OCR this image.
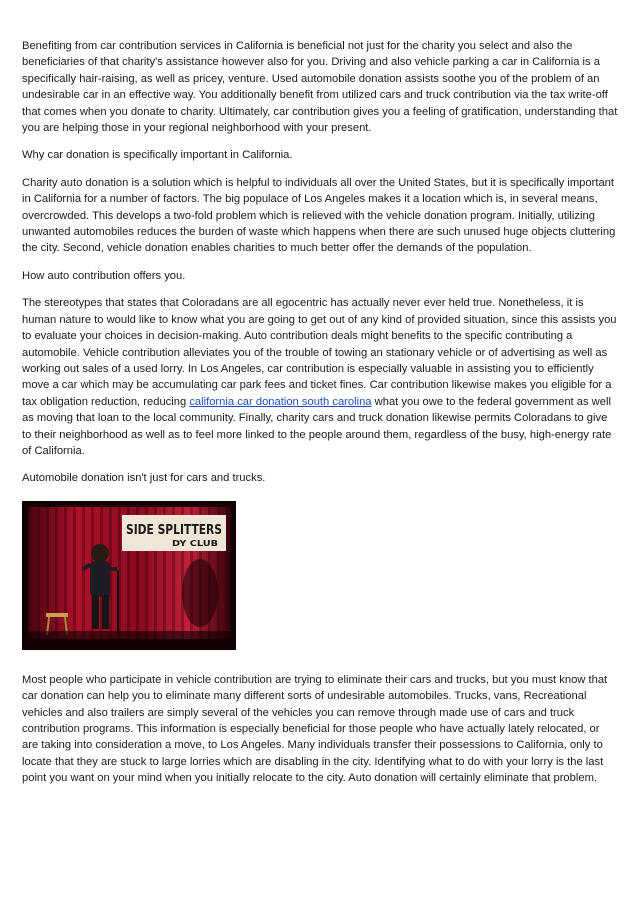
Benefiting from car contribution services in California is beneficial not just for the charity you select and also the beneficiaries of that charity's assistance however also for you. Driving and also vehicle parking a car in California is a specifically hair-raising, as well as pricey, venture. Used automobile donation assists soothe you of the problem of an undesirable car in an effective way. You additionally benefit from utilized cars and truck contribution via the tax write-off that comes when you donate to charity. Ultimately, car contribution gives you a feeling of gratification, understanding that you are helping those in your regional neighborhood with your present.

Why car donation is specifically important in California.

Charity auto donation is a solution which is helpful to individuals all over the United States, but it is specifically important in California for a number of factors. The big populace of Los Angeles makes it a location which is, in several means, overcrowded. This develops a two-fold problem which is relieved with the vehicle donation program. Initially, utilizing unwanted automobiles reduces the burden of waste which happens when there are such unused huge objects cluttering the city. Second, vehicle donation enables charities to much better offer the demands of the population.

How auto contribution offers you.

The stereotypes that states that Coloradans are all egocentric has actually never ever held true. Nonetheless, it is human nature to would like to know what you are going to get out of any kind of provided situation, since this assists you to evaluate your choices in decision-making. Auto contribution deals might benefits to the specific contributing a automobile. Vehicle contribution alleviates you of the trouble of towing an stationary vehicle or of advertising as well as working out sales of a used lorry. In Los Angeles, car contribution is especially valuable in assisting you to efficiently move a car which may be accumulating car park fees and ticket fines. Car contribution likewise makes you eligible for a tax obligation reduction, reducing california car donation south carolina what you owe to the federal government as well as moving that loan to the local community. Finally, charity cars and truck donation likewise permits Coloradans to give to their neighborhood as well as to feel more linked to the people around them, regardless of the busy, high-energy rate of California.

Automobile donation isn't just for cars and trucks.

SIDE SPLITTERS
DY CLUB

Most people who participate in vehicle contribution are trying to eliminate their cars and trucks, but you must know that car donation can help you to eliminate many different sorts of undesirable automobiles. Trucks, vans, Recreational vehicles and also trailers are simply several of the vehicles you can remove through made use of cars and truck contribution programs. This information is especially beneficial for those people who have actually lately relocated, or are taking into consideration a move, to Los Angeles. Many individuals transfer their possessions to California, only to locate that they are stuck to large lorries which are disabling in the city. Identifying what to do with your lorry is the last point you want on your mind when you initially relocate to the city. Auto donation will certainly eliminate that problem.
